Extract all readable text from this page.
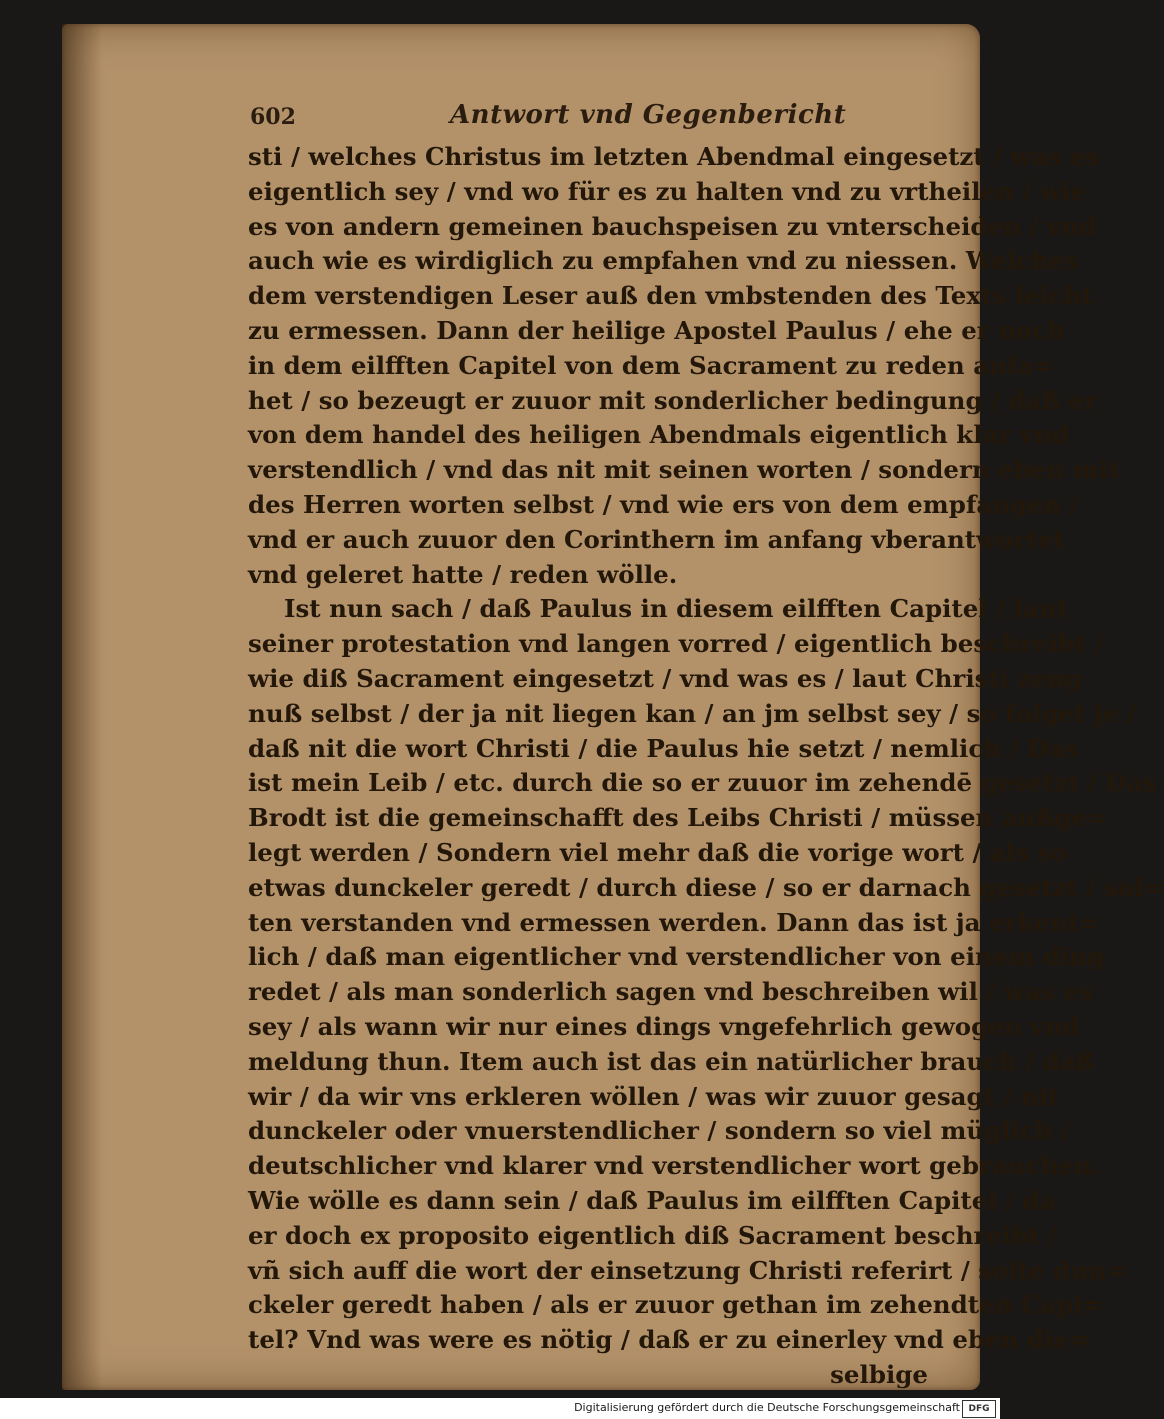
602	Antwort vnd Gegenbericht
sti / welches Christus im letzten Abendmal eingesetzt / was es
eigentlich sey / vnd wo für es zu halten vnd zu vrtheilen / wie
es von andern gemeinen bauchspeisen zu vnterscheiden / vnd
auch wie es wirdiglich zu empfahen vnd zu niessen. Welches
dem verstendigen Leser auß den vmbstenden des Texts leicht
zu ermessen. Dann der heilige Apostel Paulus / ehe er noch
in dem eilfften Capitel von dem Sacrament zu reden anfa=
het / so bezeugt er zuuor mit sonderlicher bedingung / daß er
von dem handel des heiligen Abendmals eigentlich klar vnd
verstendlich / vnd das nit mit seinen worten / sondern eben mit
des Herren worten selbst / vnd wie ers von dem empfangen /
vnd er auch zuuor den Corinthern im anfang vberantwortet
vnd geleret hatte / reden wölle.
Ist nun sach / daß Paulus in diesem eilfften Capitel / laut
seiner protestation vnd langen vorred / eigentlich beschreibt /
wie diß Sacrament eingesetzt / vnd was es / laut Christi zeug
nuß selbst / der ja nit liegen kan / an jm selbst sey / so folget je /
daß nit die wort Christi / die Paulus hie setzt / nemlich / Das
ist mein Leib / etc. durch die so er zuuor im zehendē gesetzt / Das
Brodt ist die gemeinschafft des Leibs Christi / müssen außge=
legt werden / Sondern viel mehr daß die vorige wort / als so
etwas dunckeler geredt / durch diese / so er darnach gesetzt / sol=
ten verstanden vnd ermessen werden. Dann das ist ja erkent=
lich / daß man eigentlicher vnd verstendlicher von einem ding
redet / als man sonderlich sagen vnd beschreiben wil / was es
sey / als wann wir nur eines dings vngefehrlich gewogen vnd
meldung thun. Item auch ist das ein natürlicher brauch / daß
wir / da wir vns erkleren wöllen / was wir zuuor gesagt / nit
dunckeler oder vnuerstendlicher / sondern so viel müglich /
deutschlicher vnd klarer vnd verstendlicher wort gebrauchen.
Wie wölle es dann sein / daß Paulus im eilfften Capitel / da
er doch ex proposito eigentlich diß Sacrament beschreibt /
vñ sich auff die wort der einsetzung Christi referirt / solte dun=
ckeler geredt haben / als er zuuor gethan im zehendten Capi=
tel? Vnd was were es nötig / daß er zu einerley vnd eben die=
selbige
Digitalisierung gefördert durch die Deutsche Forschungsgemeinschaft DFG
